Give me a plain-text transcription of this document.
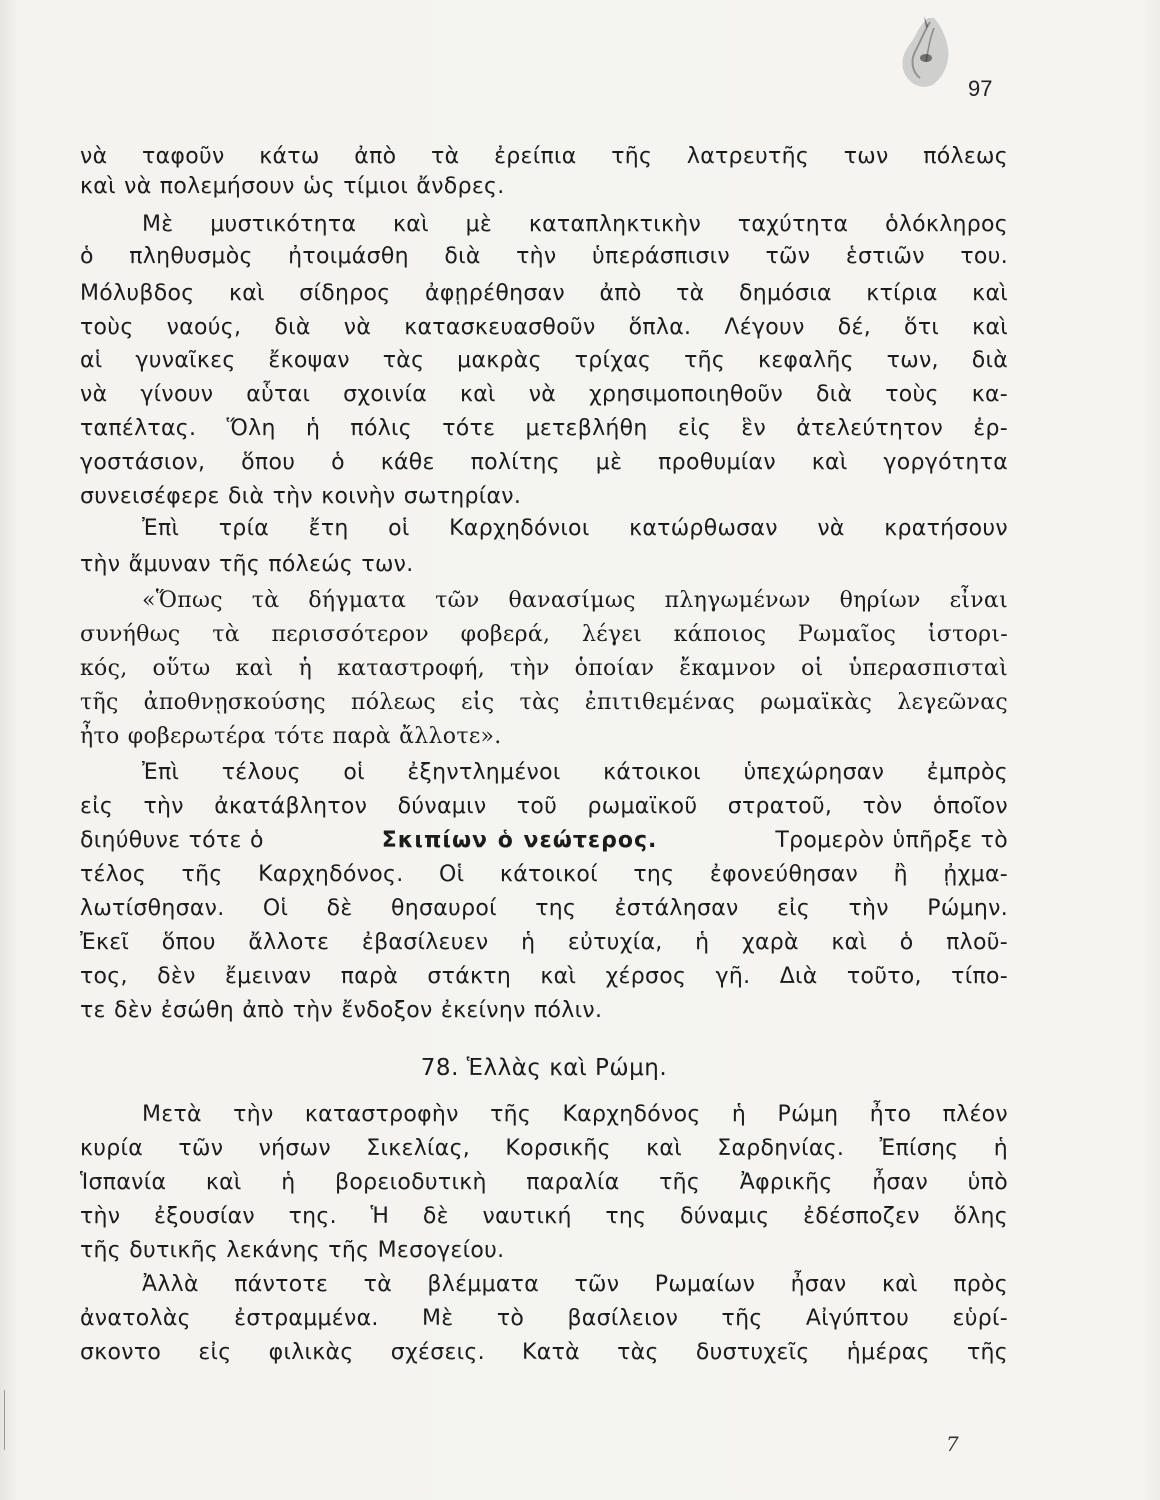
97
νὰ ταφοῦν κάτω ἀπὸ τὰ ἐρείπια τῆς λατρευτῆς των πόλεως
καὶ νὰ πολεμήσουν ὡς τίμιοι ἄνδρες.
Μὲ μυστικότητα καὶ μὲ καταπληκτικὴν ταχύτητα ὁλόκληρος
ὁ πληθυσμὸς ἠτοιμάσθη διὰ τὴν ὑπεράσπισιν τῶν ἑστιῶν του.
Μόλυβδος καὶ σίδηρος ἀφῃρέθησαν ἀπὸ τὰ δημόσια κτίρια καὶ
τοὺς ναούς, διὰ νὰ κατασκευασθοῦν ὅπλα. Λέγουν δέ, ὅτι καὶ
αἱ γυναῖκες ἔκοψαν τὰς μακρὰς τρίχας τῆς κεφαλῆς των, διὰ
νὰ γίνουν αὗται σχοινία καὶ νὰ χρησιμοποιηθοῦν διὰ τοὺς κα-
ταπέλτας. Ὅλη ἡ πόλις τότε μετεβλήθη εἰς ἓν ἀτελεύτητον ἐρ-
γοστάσιον, ὅπου ὁ κάθε πολίτης μὲ προθυμίαν καὶ γοργότητα
συνεισέφερε διὰ τὴν κοινὴν σωτηρίαν.
Ἐπὶ τρία ἔτη οἱ Καρχηδόνιοι κατώρθωσαν νὰ κρατήσουν
τὴν ἄμυναν τῆς πόλεώς των.
«Ὅπως τὰ δήγματα τῶν θανασίμως πληγωμένων θηρίων εἶναι
συνήθως τὰ περισσότερον φοβερά, λέγει κάποιος Ρωμαῖος ἱστορι-
κός, οὕτω καὶ ἡ καταστροφή, τὴν ὁποίαν ἔκαμνον οἱ ὑπερασπισταὶ
τῆς ἀποθνῃσκούσης πόλεως εἰς τὰς ἐπιτιθεμένας ρωμαϊκὰς λεγεῶνας
ἦτο φοβερωτέρα τότε παρὰ ἄλλοτε».
Ἐπὶ τέλους οἱ ἐξηντλημένοι κάτοικοι ὑπεχώρησαν ἐμπρὸς
εἰς τὴν ἀκατάβλητον δύναμιν τοῦ ρωμαϊκοῦ στρατοῦ, τὸν ὁποῖον
διηύθυνε τότε ὁ	Σκιπίων ὁ νεώτερος.	Τρομερὸν ὑπῆρξε τὸ
τέλος τῆς Καρχηδόνος. Οἱ κάτοικοί της ἐφονεύθησαν ἢ ᾐχμα-
λωτίσθησαν. Οἱ δὲ θησαυροί της ἐστάλησαν εἰς τὴν Ρώμην.
Ἐκεῖ ὅπου ἄλλοτε ἐβασίλευεν ἡ εὐτυχία, ἡ χαρὰ καὶ ὁ πλοῦ-
τος, δὲν ἔμειναν παρὰ στάκτη καὶ χέρσος γῆ. Διὰ τοῦτο, τίπο-
τε δὲν ἐσώθη ἀπὸ τὴν ἔνδοξον ἐκείνην πόλιν.
78. Ἑλλὰς καὶ Ρώμη.
Μετὰ τὴν καταστροφὴν τῆς Καρχηδόνος ἡ Ρώμη ἦτο πλέον
κυρία τῶν νήσων Σικελίας, Κορσικῆς καὶ Σαρδηνίας. Ἐπίσης ἡ
Ἱσπανία καὶ ἡ βορειοδυτικὴ παραλία τῆς Ἀφρικῆς ἦσαν ὑπὸ
τὴν ἐξουσίαν της. Ἡ δὲ ναυτική της δύναμις ἐδέσποζεν ὅλης
τῆς δυτικῆς λεκάνης τῆς Μεσογείου.
Ἀλλὰ πάντοτε τὰ βλέμματα τῶν Ρωμαίων ἦσαν καὶ πρὸς
ἀνατολὰς ἐστραμμένα. Μὲ τὸ βασίλειον τῆς Αἰγύπτου εὑρί-
σκοντο εἰς φιλικὰς σχέσεις. Κατὰ τὰς δυστυχεῖς ἡμέρας τῆς
7
